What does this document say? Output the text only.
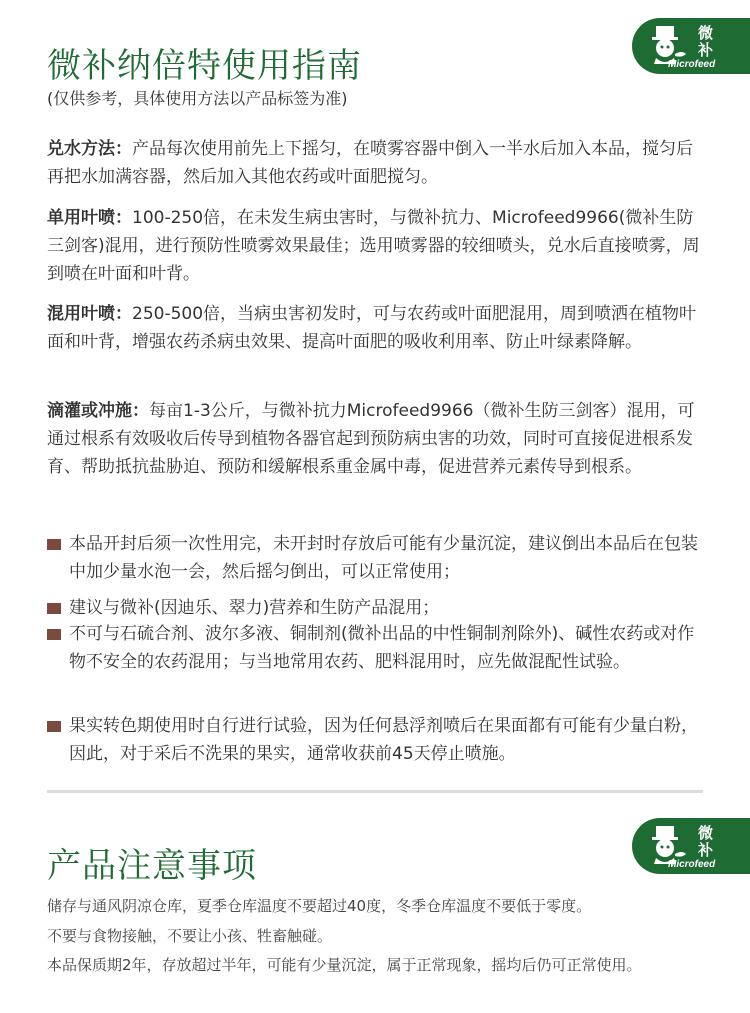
微
补
Microfeed
微补纳倍特使用指南

(仅供参考，具体使用方法以产品标签为准)

兑水方法：产品每次使用前先上下摇匀，在喷雾容器中倒入一半水后加入本品，搅匀后再把水加满容器，然后加入其他农药或叶面肥搅匀。

单用叶喷：100-250倍，在未发生病虫害时，与微补抗力、Microfeed9966(微补生防三剑客)混用，进行预防性喷雾效果最佳；选用喷雾器的较细喷头，兑水后直接喷雾，周到喷在叶面和叶背。

混用叶喷：250-500倍，当病虫害初发时，可与农药或叶面肥混用，周到喷洒在植物叶面和叶背，增强农药杀病虫效果、提高叶面肥的吸收利用率、防止叶绿素降解。

滴灌或冲施：每亩1-3公斤，与微补抗力Microfeed9966（微补生防三剑客）混用，可通过根系有效吸收后传导到植物各器官起到预防病虫害的功效，同时可直接促进根系发育、帮助抵抗盐胁迫、预防和缓解根系重金属中毒，促进营养元素传导到根系。

本品开封后须一次性用完，未开封时存放后可能有少量沉淀，建议倒出本品后在包装中加少量水泡一会，然后摇匀倒出，可以正常使用；
建议与微补(因迪乐、翠力)营养和生防产品混用；
不可与石硫合剂、波尔多液、铜制剂(微补出品的中性铜制剂除外)、碱性农药或对作物不安全的农药混用；与当地常用农药、肥料混用时，应先做混配性试验。
果实转色期使用时自行进行试验，因为任何悬浮剂喷后在果面都有可能有少量白粉，因此，对于采后不洗果的果实，通常收获前45天停止喷施。
微
补
Microfeed
产品注意事项

储存与通风阴凉仓库，夏季仓库温度不要超过40度，冬季仓库温度不要低于零度。

不要与食物接触，不要让小孩、牲畜触碰。

本品保质期2年，存放超过半年，可能有少量沉淀，属于正常现象，摇均后仍可正常使用。
